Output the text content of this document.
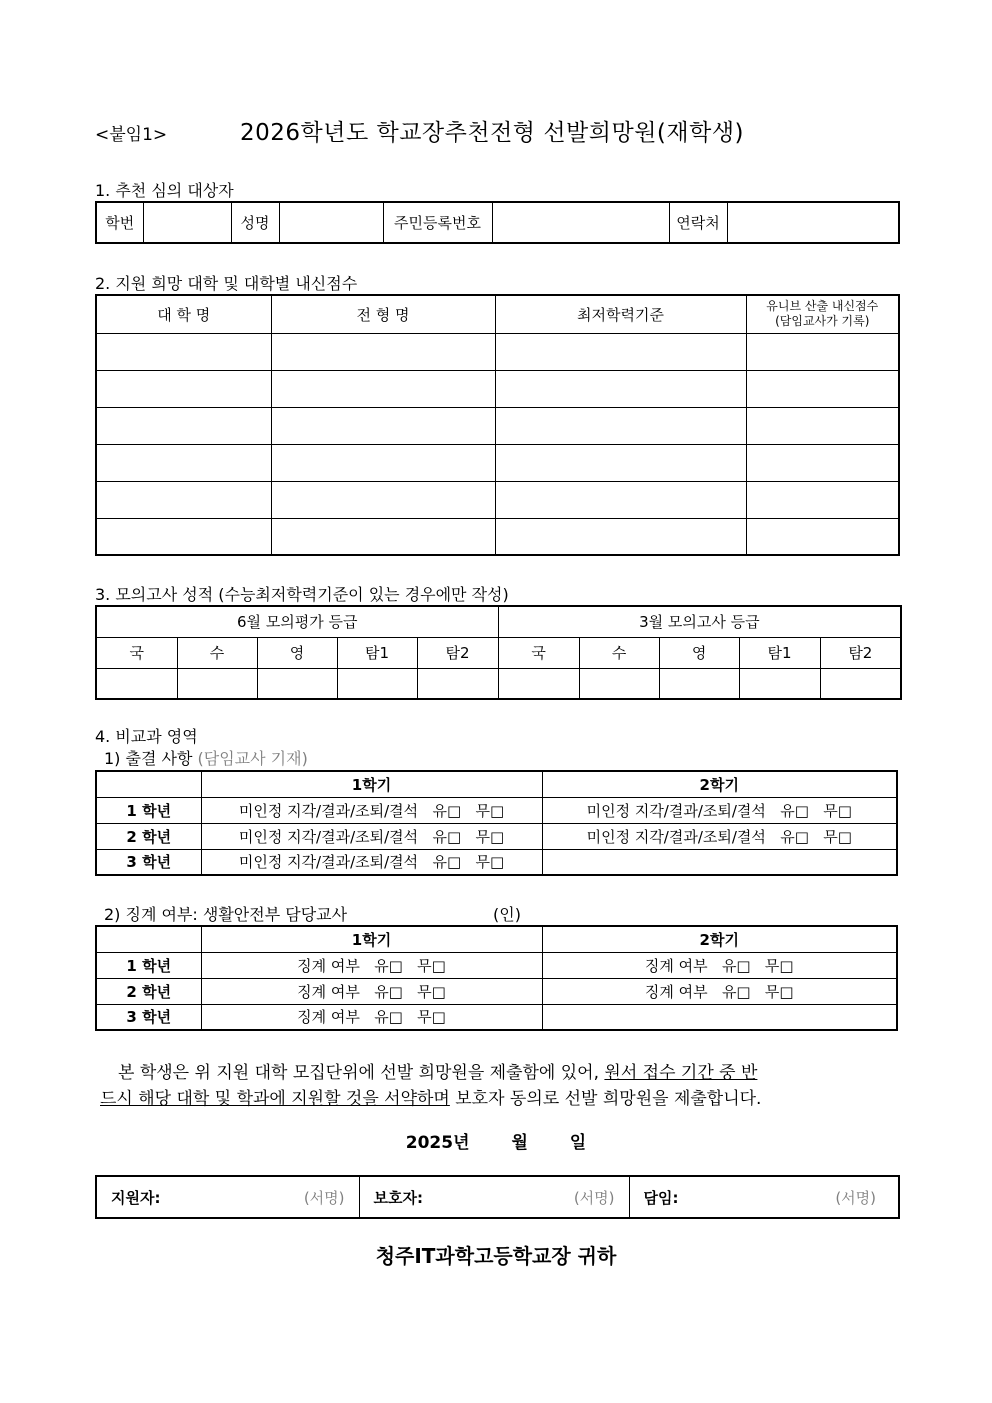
<붙임1>	2026학년도 학교장추천전형 선발희망원(재학생)
1. 추천 심의 대상자
학번		성명		주민등록번호		연락처	
2. 지원 희망 대학 및 대학별 내신점수
대 학 명	전 형 명	최저학력기준	유니브 산출 내신점수
(담임교사가 기록)

3. 모의고사 성적 (수능최저학력기준이 있는 경우에만 작성)
6월 모의평가 등급					3월 모의고사 등급				
국	수	영	탐1	탐2	국	수	영	탐1	탐2

4. 비교과 영역
1) 출결 사항 (담임교사 기재)
	1학기	2학기
1 학년	미인정 지각/결과/조퇴/결석 유□ 무□	미인정 지각/결과/조퇴/결석 유□ 무□
2 학년	미인정 지각/결과/조퇴/결석 유□ 무□	미인정 지각/결과/조퇴/결석 유□ 무□
3 학년	미인정 지각/결과/조퇴/결석 유□ 무□	
2) 징계 여부: 생활안전부 담당교사	(인)
	1학기	2학기
1 학년	징계 여부 유□ 무□	징계 여부 유□ 무□
2 학년	징계 여부 유□ 무□	징계 여부 유□ 무□
3 학년	징계 여부 유□ 무□	
본 학생은 위 지원 대학 모집단위에 선발 희망원을 제출함에 있어, 원서 접수 기간 중 반
드시 해당 대학 및 학과에 지원할 것을 서약하며 보호자 동의로 선발 희망원을 제출합니다.
2025년 월 일
지원자:	(서명)	보호자:	(서명)	담임:	(서명)
청주IT과학고등학교장 귀하
